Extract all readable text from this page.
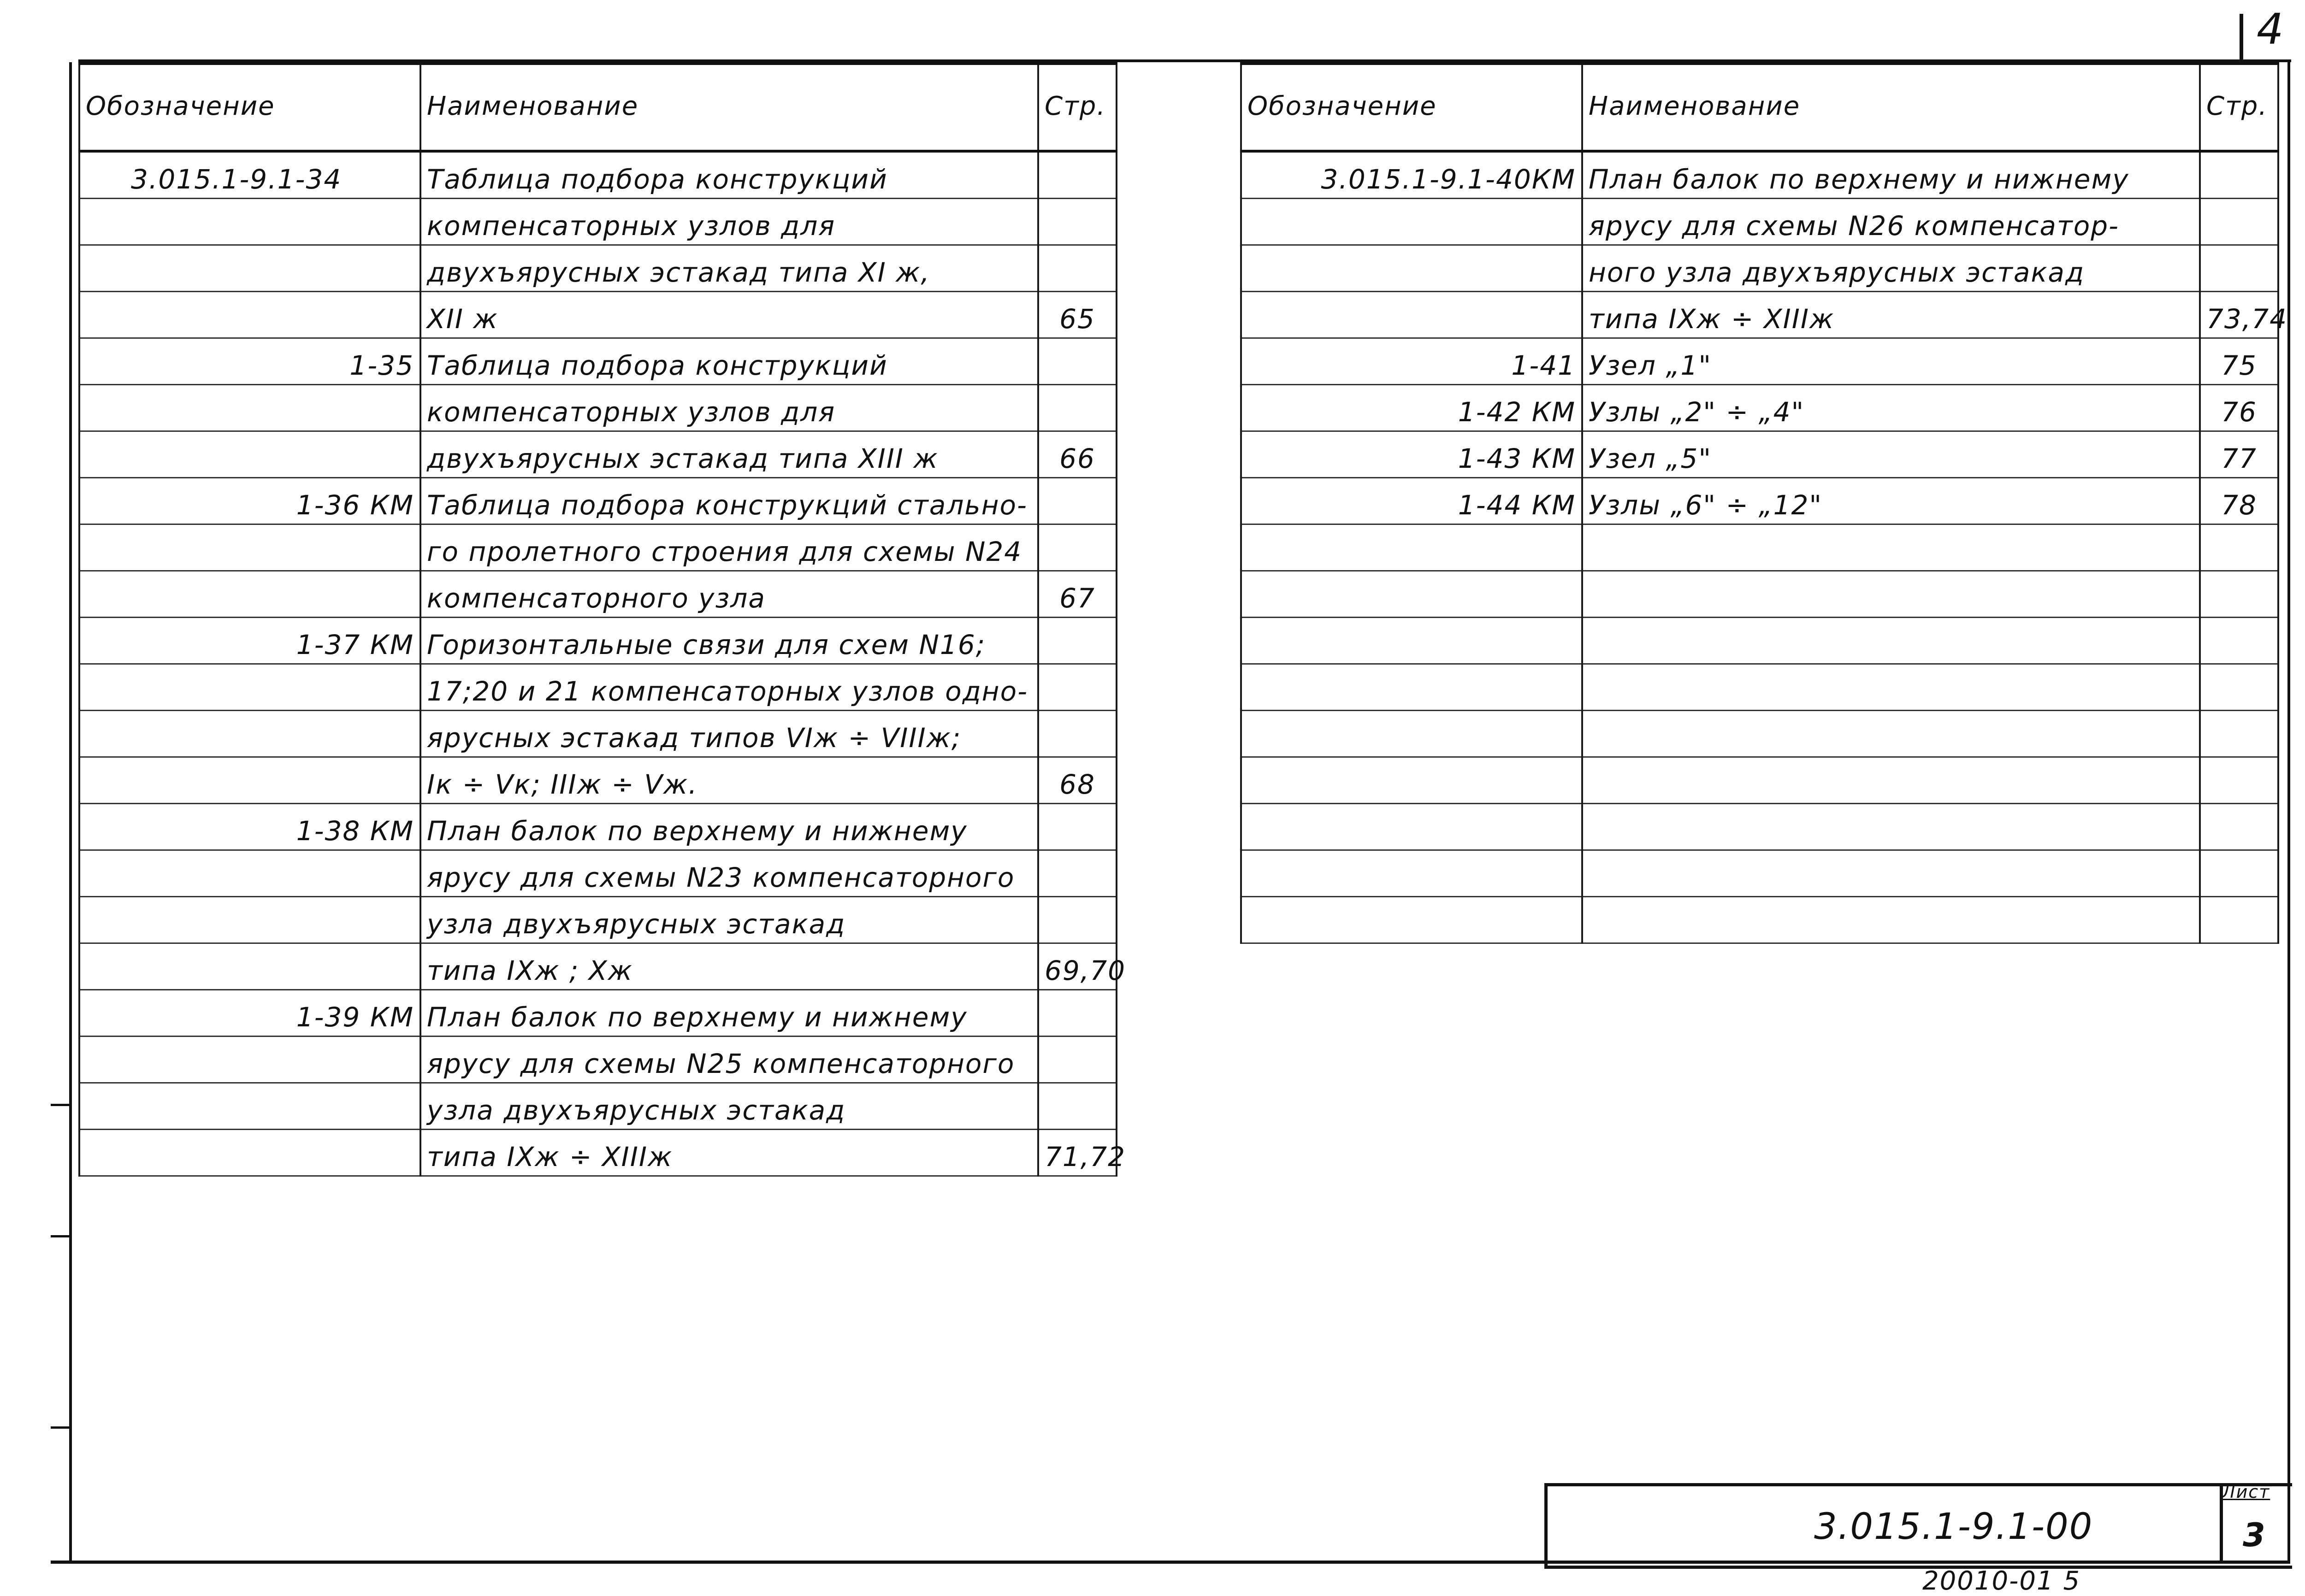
4
Обозначение	Наименование	Стр.
3.015.1-9.1-34	Таблица подбора конструкций	
	компенсаторных узлов для	
	двухъярусных эстакад типа XI ж,	
	XII ж	65
1-35	Таблица подбора конструкций	
	компенсаторных узлов для	
	двухъярусных эстакад типа XIII ж	66
1-36 КМ	Таблица подбора конструкций стально-	
	го пролетного строения для схемы N24	
	компенсаторного узла	67
1-37 КМ	Горизонтальные связи для схем N16;	
	17;20 и 21 компенсаторных узлов одно-	
	ярусных эстакад типов VIж ÷ VIIIж;	
	Iк ÷ Vк; IIIж ÷ Vж.	68
1-38 КМ	План балок по верхнему и нижнему	
	ярусу для схемы N23 компенсаторного	
	узла двухъярусных эстакад	
	типа IXж ; Xж	69,70
1-39 КМ	План балок по верхнему и нижнему	
	ярусу для схемы N25 компенсаторного	
	узла двухъярусных эстакад	
	типа IXж ÷ XIIIж	71,72
Обозначение	Наименование	Стр.
3.015.1-9.1-40КМ	План балок по верхнему и нижнему	
	ярусу для схемы N26 компенсатор-	
	ного узла двухъярусных эстакад	
	типа IXж ÷ XIIIж	73,74
1-41	Узел „1"	75
1-42 КМ	Узлы „2" ÷ „4"	76
1-43 КМ	Узел „5"	77
1-44 КМ	Узлы „6" ÷ „12"	78

3.015.1-9.1-00
Лист
3
20010-01 5
